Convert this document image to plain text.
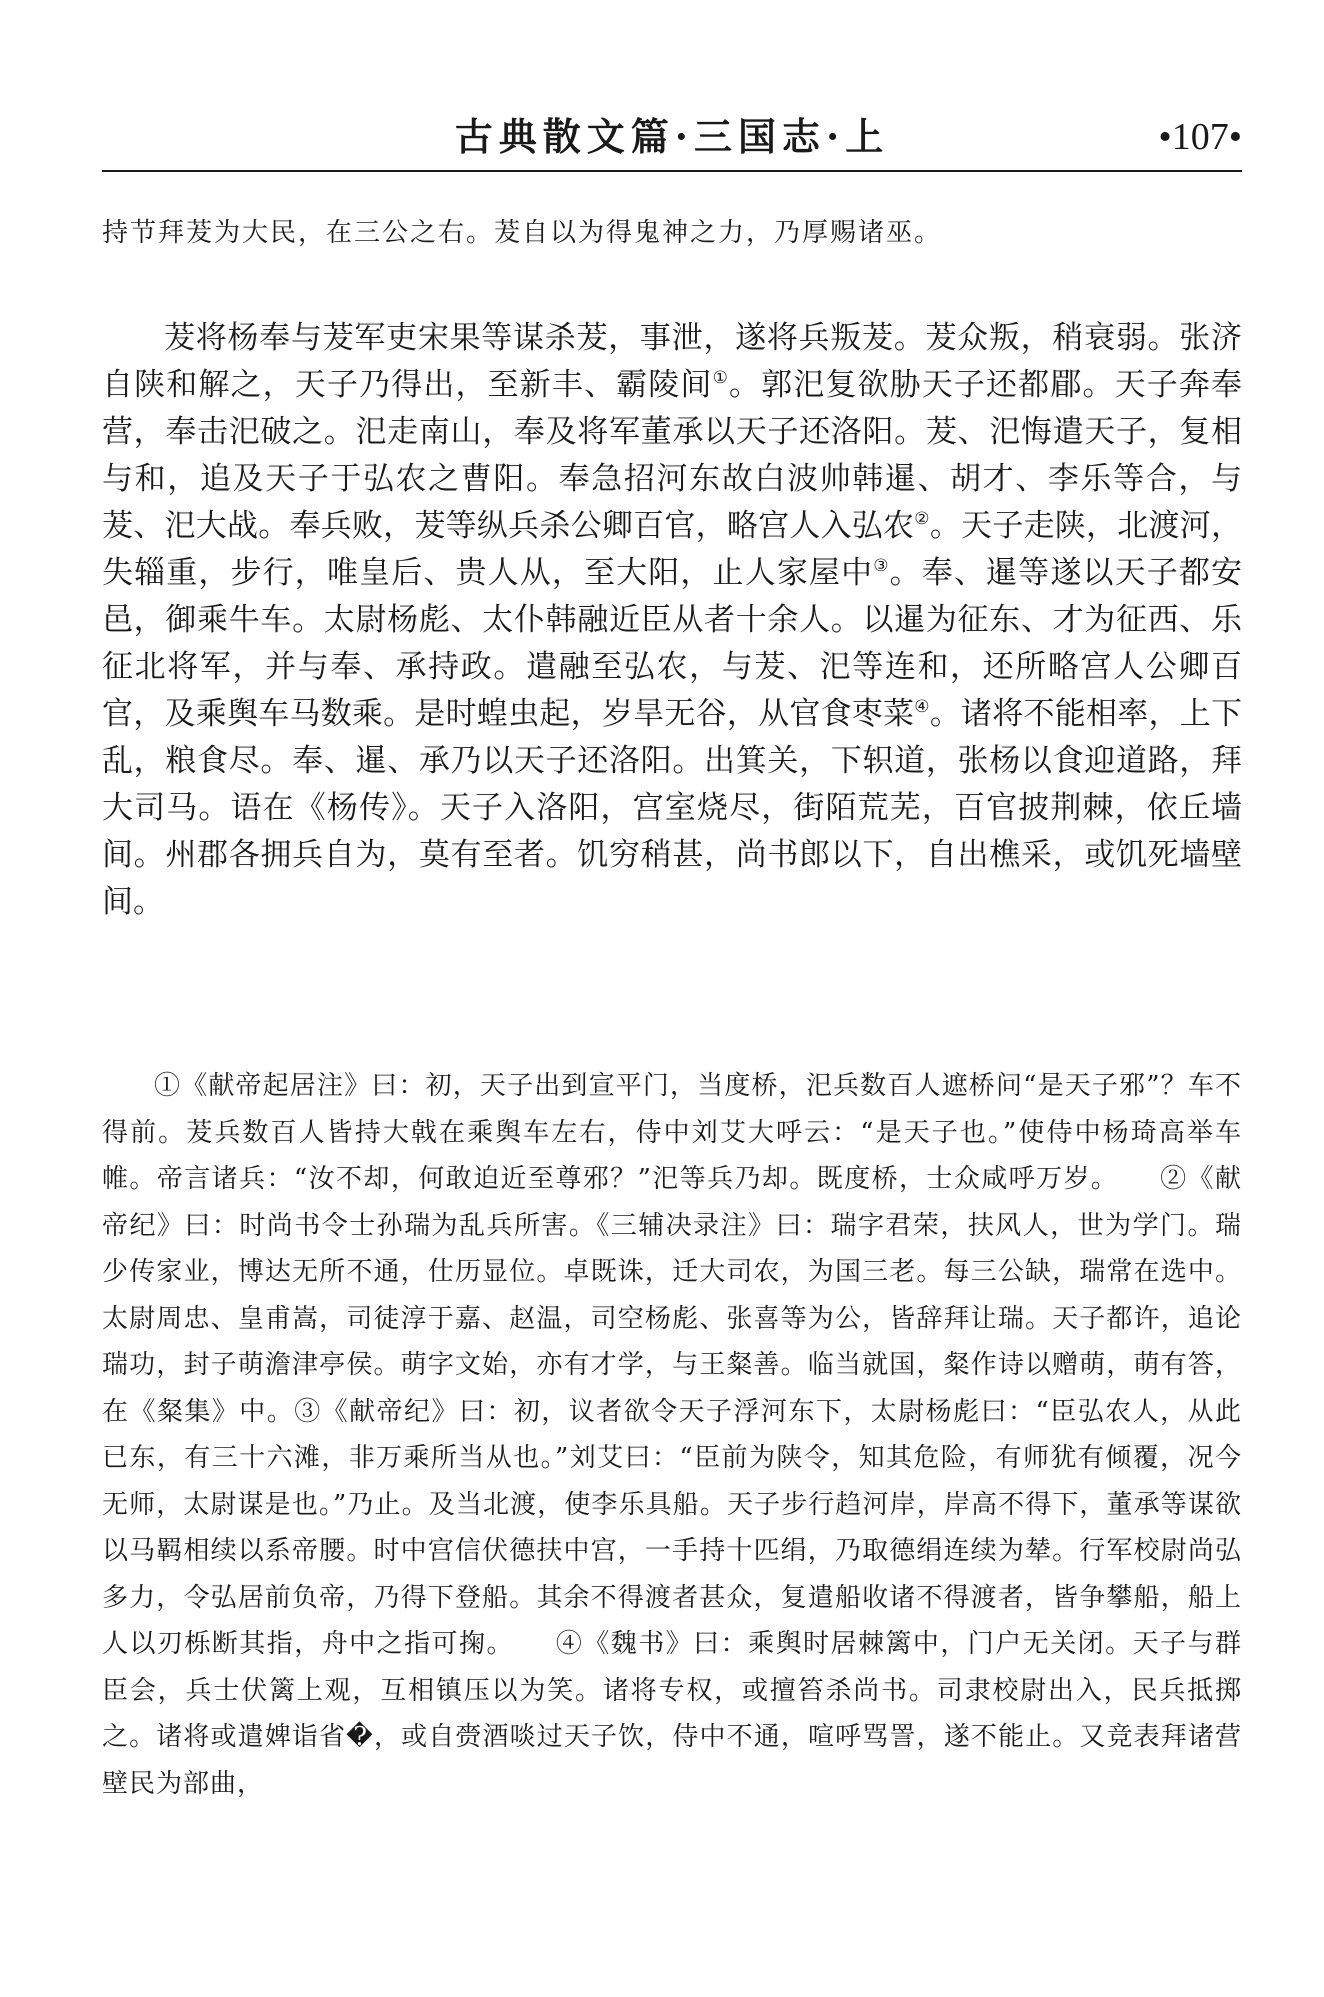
古典散文篇·三国志·上	•107•

持节拜茇为大民，在三公之右。茇自以为得鬼神之力，乃厚赐诸巫。

茇将杨奉与茇军吏宋果等谋杀茇，事泄，遂将兵叛茇。茇众叛，稍衰弱。张济自陕和解之，天子乃得出，至新丰、霸陵间①。郭汜复欲胁天子还都郿。天子奔奉营，奉击汜破之。汜走南山，奉及将军董承以天子还洛阳。茇、汜悔遣天子，复相与和，追及天子于弘农之曹阳。奉急招河东故白波帅韩暹、胡才、李乐等合，与茇、汜大战。奉兵败，茇等纵兵杀公卿百官，略宫人入弘农②。天子走陕，北渡河，失辎重，步行，唯皇后、贵人从，至大阳，止人家屋中③。奉、暹等遂以天子都安邑，御乘牛车。太尉杨彪、太仆韩融近臣从者十余人。以暹为征东、才为征西、乐征北将军，并与奉、承持政。遣融至弘农，与茇、汜等连和，还所略宫人公卿百官，及乘舆车马数乘。是时蝗虫起，岁旱无谷，从官食枣菜④。诸将不能相率，上下乱，粮食尽。奉、暹、承乃以天子还洛阳。出箕关，下轵道，张杨以食迎道路，拜大司马。语在《杨传》。天子入洛阳，宫室烧尽，街陌荒芜，百官披荆棘，依丘墙间。州郡各拥兵自为，莫有至者。饥穷稍甚，尚书郎以下，自出樵采，或饥死墙壁间。

①《献帝起居注》曰：初，天子出到宣平门，当度桥，汜兵数百人遮桥问“是天子邪”？车不得前。茇兵数百人皆持大戟在乘舆车左右，侍中刘艾大呼云：“是天子也。”使侍中杨琦高举车帷。帝言诸兵：“汝不却，何敢迫近至尊邪？”汜等兵乃却。既度桥，士众咸呼万岁。　　 ②《献帝纪》曰：时尚书令士孙瑞为乱兵所害。《三辅决录注》曰：瑞字君荣，扶风人，世为学门。瑞少传家业，博达无所不通，仕历显位。卓既诛，迁大司农，为国三老。每三公缺，瑞常在选中。太尉周忠、皇甫嵩，司徒淳于嘉、赵温，司空杨彪、张喜等为公，皆辞拜让瑞。天子都许，追论瑞功，封子萌澹津亭侯。萌字文始，亦有才学，与王粲善。临当就国，粲作诗以赠萌，萌有答，在《粲集》中。③《献帝纪》曰：初，议者欲令天子浮河东下，太尉杨彪曰：“臣弘农人，从此已东，有三十六滩，非万乘所当从也。”刘艾曰：“臣前为陕令，知其危险，有师犹有倾覆，况今无师，太尉谋是也。”乃止。及当北渡，使李乐具船。天子步行趋河岸，岸高不得下，董承等谋欲以马羁相续以系帝腰。时中宫信伏德扶中宫，一手持十匹绢，乃取德绢连续为辇。行军校尉尚弘多力，令弘居前负帝，乃得下登船。其余不得渡者甚众，复遣船收诸不得渡者，皆争攀船，船上人以刃栎断其指，舟中之指可掬。　　 ④《魏书》曰：乘舆时居棘篱中，门户无关闭。天子与群臣会，兵士伏篱上观，互相镇压以为笑。诸将专权，或擅笞杀尚书。司隶校尉出入，民兵抵掷之。诸将或遣婢诣省�，或自赍酒啖过天子饮，侍中不通，喧呼骂詈，遂不能止。又竞表拜诸营壁民为部曲，
